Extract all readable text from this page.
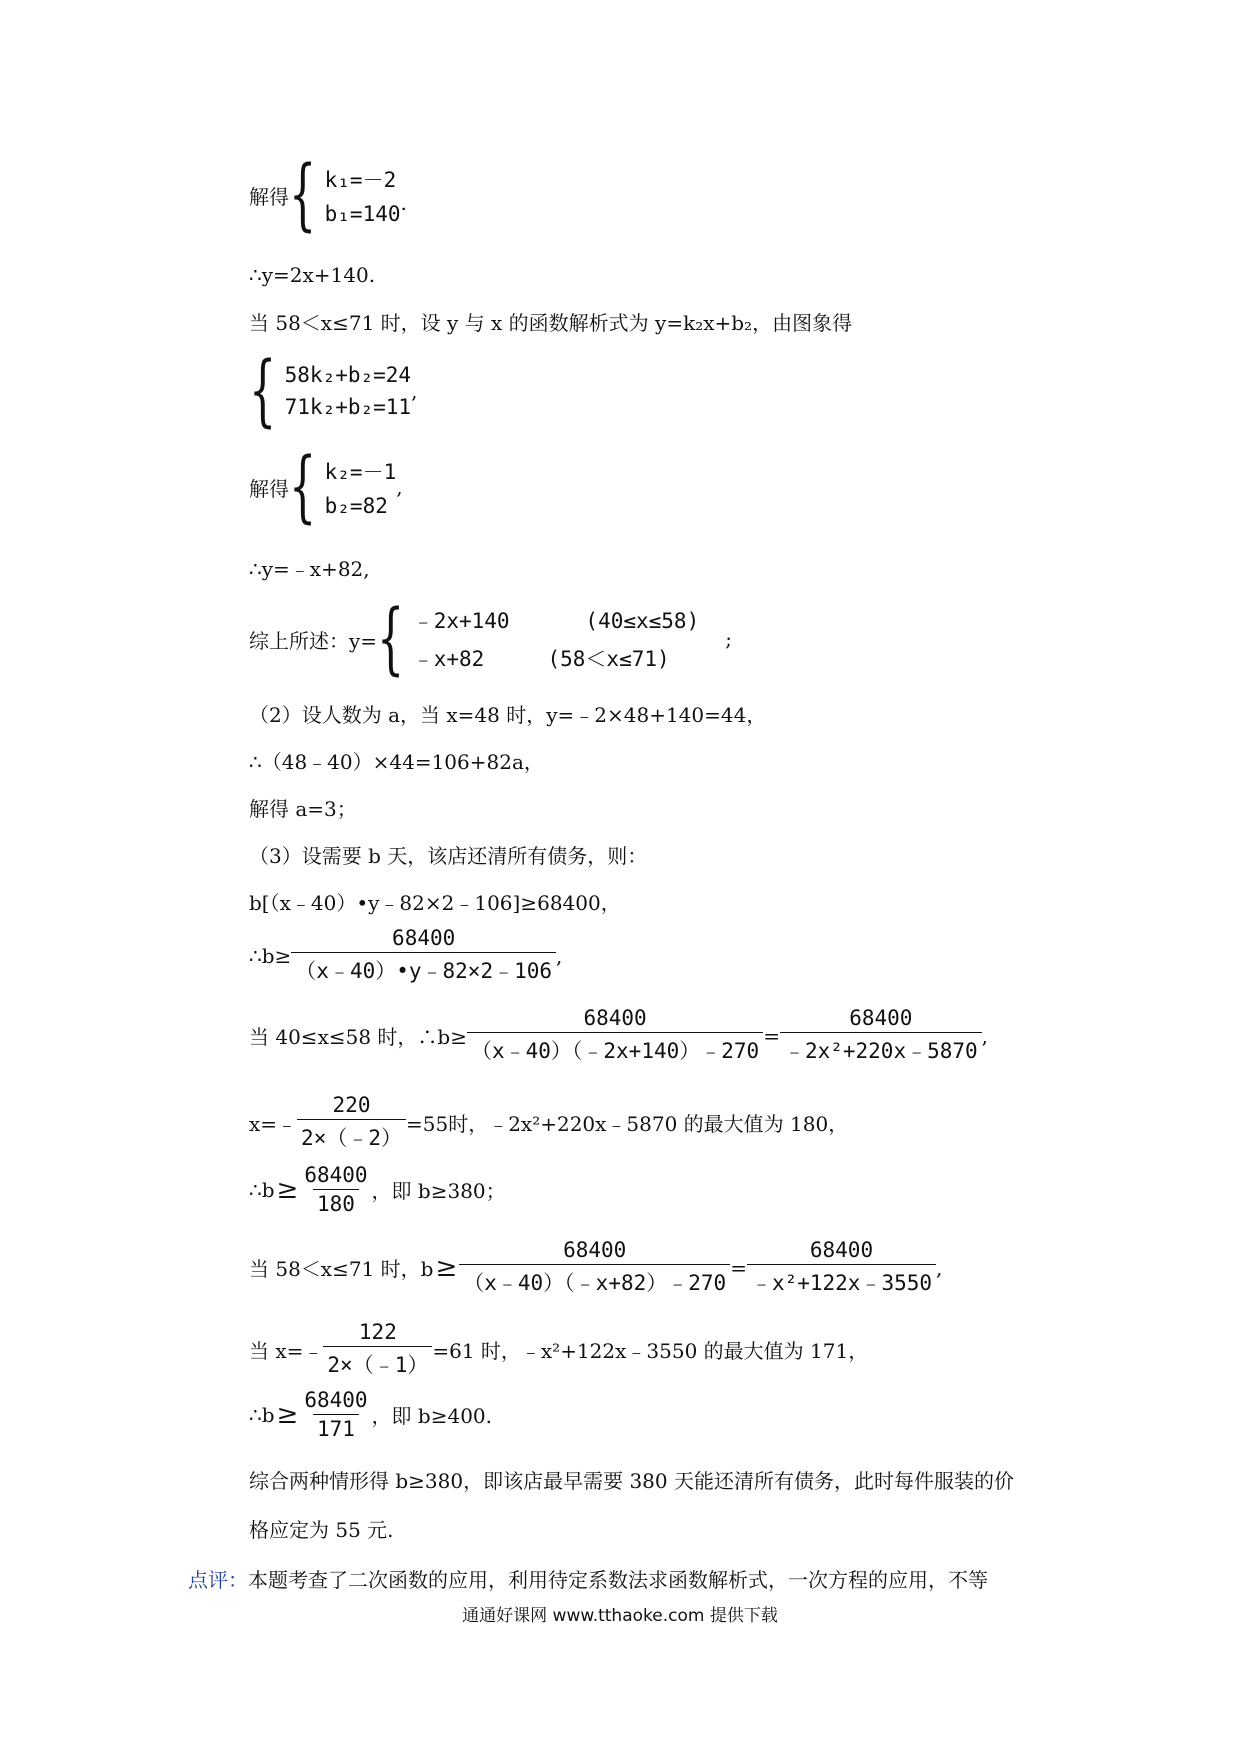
解得 { k₁=－2
b₁=140 .
∴y=2x+140.
当 58＜x≤71 时，设 y 与 x 的函数解析式为 y=k₂x+b₂，由图象得
{ 58k₂+b₂=24
71k₂+b₂=11
,
解得 { k₂=－1
b₂=82
,
∴y=﹣x+82,
综上所述：y= { ﹣2x+140      (40≤x≤58)
﹣x+82     (58＜x≤71)
;
（2）设人数为 a，当 x=48 时，y=﹣2×48+140=44，
∴（48﹣40）×44=106+82a，
解得 a=3；
（3）设需要 b 天，该店还清所有债务，则：
b[（x﹣40）•y﹣82×2﹣106]≥68400，
∴b≥ $\frac{68400}{(x﹣40)•y﹣82\times 2﹣106}$ ,
当 40≤x≤58 时，∴b≥ $\frac{68400}{(x﹣40)(﹣2x+140)﹣270} = \frac{68400}{\text{﹣2x²+220x﹣5870}}$ ,
x=﹣ $\frac{220}{2\times(﹣2)} =55$时，﹣2x²+220x﹣5870 的最大值为 180，
∴b ≥ $\frac{68400}{180}$ ，即 b≥380；
当 58＜x≤71 时，$b \ge \frac{68400}{(x﹣40)(﹣x+82)﹣270} = \frac{68400}{\text{﹣x²+122x﹣3550}}$ ,
当 x=﹣ $\frac{122}{2\times(﹣1)} =61$ 时，﹣x²+122x﹣3550 的最大值为 171，
∴b ≥ $\frac{68400}{171}$ ，即 b≥400.
综合两种情形得 b≥380，即该店最早需要 380 天能还清所有债务，此时每件服装的价
格应定为 55 元.
点评：本题考查了二次函数的应用，利用待定系数法求函数解析式，一次方程的应用，不等
通通好课网 www.tthaoke.com 提供下载
